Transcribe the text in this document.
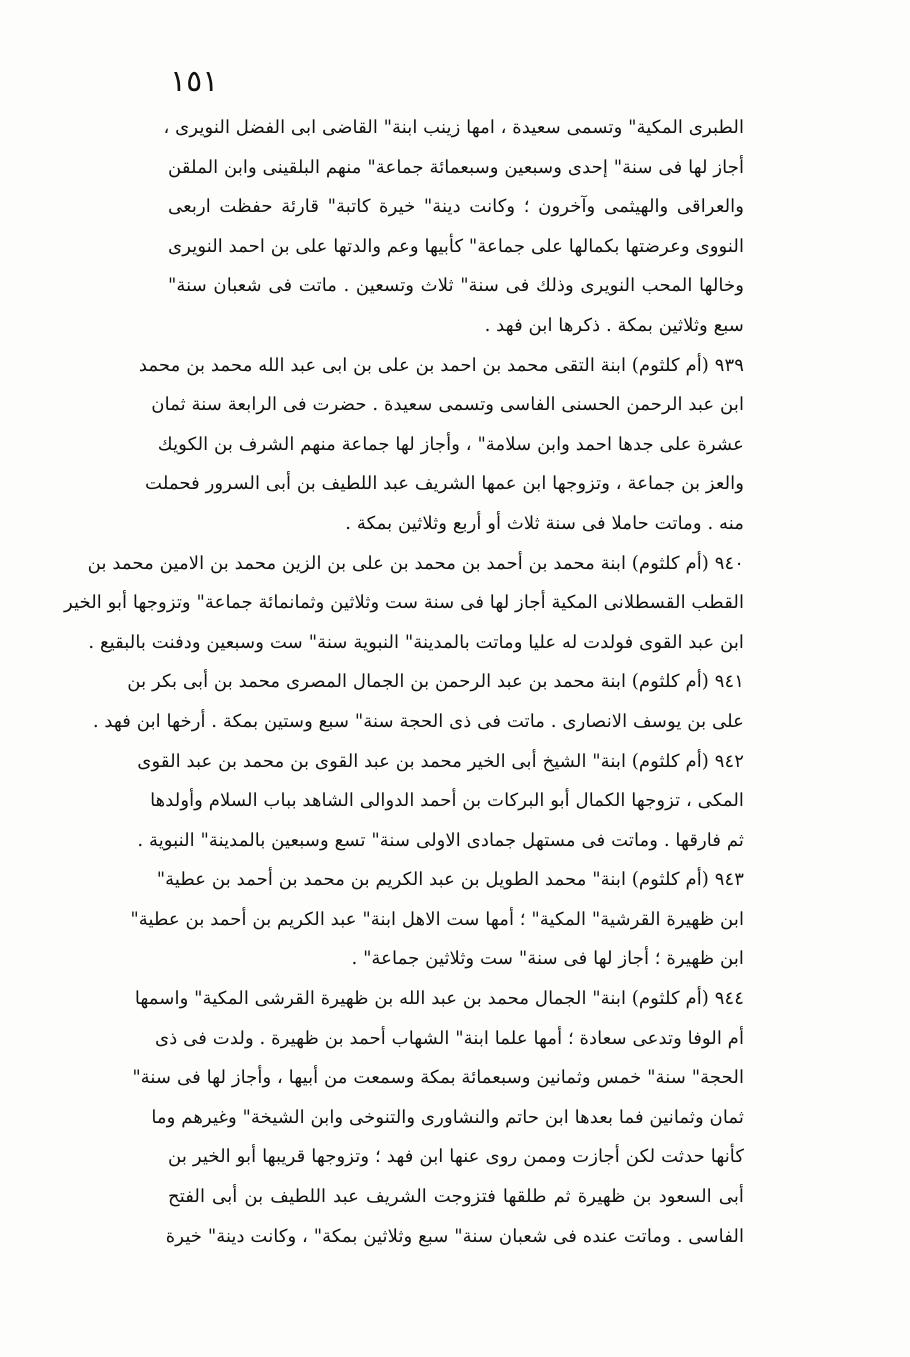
١٥١
الطبرى المكية" وتسمى سعيدة ، امها زينب ابنة" القاضى ابى الفضل النويرى ،
أجاز لها فى سنة" إحدى وسبعين وسبعمائة جماعة" منهم البلقينى وابن الملقن
والعراقى والهيثمى وآخرون ؛ وكانت دينة" خيرة كاتبة" قارئة حفظت اربعى
النووى وعرضتها بكمالها على جماعة" كأبيها وعم والدتها على بن احمد النويرى
وخالها المحب النويرى وذلك فى سنة" ثلاث وتسعين . ماتت فى شعبان سنة"
سبع وثلاثين بمكة . ذكرها ابن فهد .
٩٣٩ (أم كلثوم) ابنة التقى محمد بن احمد بن على بن ابى عبد الله محمد بن محمد
ابن عبد الرحمن الحسنى الفاسى وتسمى سعيدة . حضرت فى الرابعة سنة ثمان
عشرة على جدها احمد وابن سلامة" ، وأجاز لها جماعة منهم الشرف بن الكويك
والعز بن جماعة ، وتزوجها ابن عمها الشريف عبد اللطيف بن أبى السرور فحملت
منه . وماتت حاملا فى سنة ثلاث أو أربع وثلاثين بمكة .
٩٤٠ (أم كلثوم) ابنة محمد بن أحمد بن محمد بن على بن الزين محمد بن الامين محمد بن
القطب القسطلانى المكية أجاز لها فى سنة ست وثلاثين وثمانمائة جماعة" وتزوجها أبو الخير
ابن عبد القوى فولدت له عليا وماتت بالمدينة" النبوية سنة" ست وسبعين ودفنت بالبقيع .
٩٤١ (أم كلثوم) ابنة محمد بن عبد الرحمن بن الجمال المصرى محمد بن أبى بكر بن
على بن يوسف الانصارى . ماتت فى ذى الحجة سنة" سبع وستين بمكة . أرخها ابن فهد .
٩٤٢ (أم كلثوم) ابنة" الشيخ أبى الخير محمد بن عبد القوى بن محمد بن عبد القوى
المكى ، تزوجها الكمال أبو البركات بن أحمد الدوالى الشاهد بباب السلام وأولدها
ثم فارقها . وماتت فى مستهل جمادى الاولى سنة" تسع وسبعين بالمدينة" النبوية .
٩٤٣ (أم كلثوم) ابنة" محمد الطويل بن عبد الكريم بن محمد بن أحمد بن عطية"
ابن ظهيرة القرشية" المكية" ؛ أمها ست الاهل ابنة" عبد الكريم بن أحمد بن عطية"
ابن ظهيرة ؛ أجاز لها فى سنة" ست وثلاثين جماعة" .
٩٤٤ (أم كلثوم) ابنة" الجمال محمد بن عبد الله بن ظهيرة القرشى المكية" واسمها
أم الوفا وتدعى سعادة ؛ أمها علما ابنة" الشهاب أحمد بن ظهيرة . ولدت فى ذى
الحجة" سنة" خمس وثمانين وسبعمائة بمكة وسمعت من أبيها ، وأجاز لها فى سنة"
ثمان وثمانين فما بعدها ابن حاتم والنشاورى والتنوخى وابن الشيخة" وغيرهم وما
كأنها حدثت لكن أجازت وممن روى عنها ابن فهد ؛ وتزوجها قريبها أبو الخير بن
أبى السعود بن ظهيرة ثم طلقها فتزوجت الشريف عبد اللطيف بن أبى الفتح
الفاسى . وماتت عنده فى شعبان سنة" سبع وثلاثين بمكة" ، وكانت دينة" خيرة
